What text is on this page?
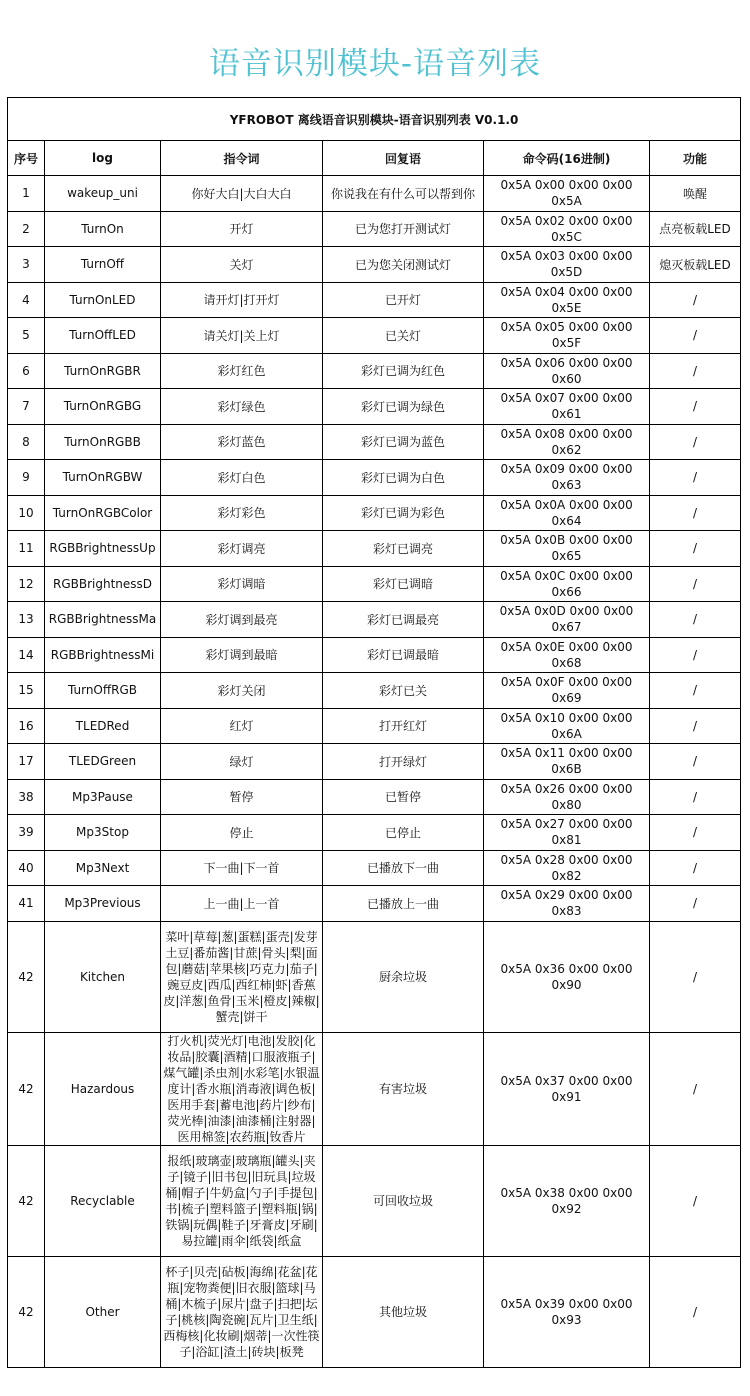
语音识别模块-语音列表
YFROBOT 离线语音识别模块-语音识别列表 V0.1.0					
序号	log	指令词	回复语	命令码(16进制)	功能
1	wakeup_uni	你好大白|大白大白	你说我在有什么可以帮到你	0x5A 0x00 0x00 0x00 0x5A	唤醒
2	TurnOn	开灯	已为您打开测试灯	0x5A 0x02 0x00 0x00 0x5C	点亮板载LED
3	TurnOff	关灯	已为您关闭测试灯	0x5A 0x03 0x00 0x00 0x5D	熄灭板载LED
4	TurnOnLED	请开灯|打开灯	已开灯	0x5A 0x04 0x00 0x00 0x5E	/
5	TurnOffLED	请关灯|关上灯	已关灯	0x5A 0x05 0x00 0x00 0x5F	/
6	TurnOnRGBR	彩灯红色	彩灯已调为红色	0x5A 0x06 0x00 0x00 0x60	/
7	TurnOnRGBG	彩灯绿色	彩灯已调为绿色	0x5A 0x07 0x00 0x00 0x61	/
8	TurnOnRGBB	彩灯蓝色	彩灯已调为蓝色	0x5A 0x08 0x00 0x00 0x62	/
9	TurnOnRGBW	彩灯白色	彩灯已调为白色	0x5A 0x09 0x00 0x00 0x63	/
10	TurnOnRGBColor	彩灯彩色	彩灯已调为彩色	0x5A 0x0A 0x00 0x00 0x64	/
11	RGBBrightnessUp	彩灯调亮	彩灯已调亮	0x5A 0x0B 0x00 0x00 0x65	/
12	RGBBrightnessD	彩灯调暗	彩灯已调暗	0x5A 0x0C 0x00 0x00 0x66	/
13	RGBBrightnessMa	彩灯调到最亮	彩灯已调最亮	0x5A 0x0D 0x00 0x00 0x67	/
14	RGBBrightnessMi	彩灯调到最暗	彩灯已调最暗	0x5A 0x0E 0x00 0x00 0x68	/
15	TurnOffRGB	彩灯关闭	彩灯已关	0x5A 0x0F 0x00 0x00 0x69	/
16	TLEDRed	红灯	打开红灯	0x5A 0x10 0x00 0x00 0x6A	/
17	TLEDGreen	绿灯	打开绿灯	0x5A 0x11 0x00 0x00 0x6B	/
38	Mp3Pause	暂停	已暂停	0x5A 0x26 0x00 0x00 0x80	/
39	Mp3Stop	停止	已停止	0x5A 0x27 0x00 0x00 0x81	/
40	Mp3Next	下一曲|下一首	已播放下一曲	0x5A 0x28 0x00 0x00 0x82	/
41	Mp3Previous	上一曲|上一首	已播放上一曲	0x5A 0x29 0x00 0x00 0x83	/
42	Kitchen	菜叶|草莓|葱|蛋糕|蛋壳|发芽土豆|番茄酱|甘蔗|骨头|梨|面包|蘑菇|苹果核|巧克力|茄子|豌豆皮|西瓜|西红柿|虾|香蕉皮|洋葱|鱼骨|玉米|橙皮|辣椒|蟹壳|饼干	厨余垃圾	0x5A 0x36 0x00 0x00 0x90	/
42	Hazardous	打火机|荧光灯|电池|发胶|化妆品|胶囊|酒精|口服液瓶子|煤气罐|杀虫剂|水彩笔|水银温度计|香水瓶|消毒液|调色板|医用手套|蓄电池|药片|纱布|荧光棒|油漆|油漆桶|注射器|医用棉签|农药瓶|钕香片	有害垃圾	0x5A 0x37 0x00 0x00 0x91	/
42	Recyclable	报纸|玻璃壶|玻璃瓶|罐头|夹子|镜子|旧书包|旧玩具|垃圾桶|帽子|牛奶盒|勺子|手提包|书|梳子|塑料篮子|塑料瓶|锅|铁锅|玩偶|鞋子|牙膏皮|牙刷|易拉罐|雨伞|纸袋|纸盒	可回收垃圾	0x5A 0x38 0x00 0x00 0x92	/
42	Other	杯子|贝壳|砧板|海绵|花盆|花瓶|宠物粪便|旧衣服|篮球|马桶|木梳子|尿片|盘子|扫把|坛子|桃核|陶瓷碗|瓦片|卫生纸|西梅核|化妆刷|烟蒂|一次性筷子|浴缸|渣土|砖块|板凳	其他垃圾	0x5A 0x39 0x00 0x00 0x93	/
